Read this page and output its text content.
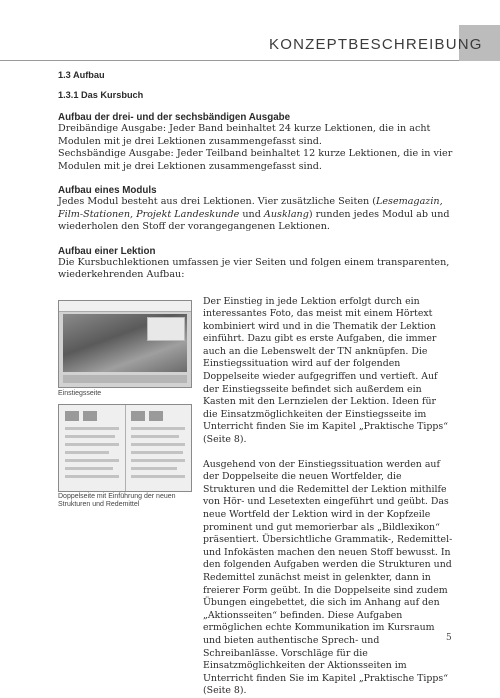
KONZEPTBESCHREIBUNG

1.3 Aufbau

1.3.1 Das Kursbuch

Aufbau der drei- und der sechsbändigen Ausgabe

Dreibändige Ausgabe: Jeder Band beinhaltet 24 kurze Lektionen, die in acht Modulen mit je drei Lektionen zusammengefasst sind.

Sechsbändige Ausgabe: Jeder Teilband beinhaltet 12 kurze Lektionen, die in vier Modulen mit je drei Lektionen zusammengefasst sind.

Aufbau eines Moduls

Jedes Modul besteht aus drei Lektionen. Vier zusätzliche Seiten (Lesemagazin, Film-Stationen, Projekt Landeskunde und Ausklang) runden jedes Modul ab und wiederholen den Stoff der vorangegangenen Lektionen.

Aufbau einer Lektion

Die Kursbuchlektionen umfassen je vier Seiten und folgen einem transparenten, wiederkehrenden Aufbau:

Einstiegsseite
Doppelseite mit Einführung der neuen Strukturen und Redemittel

Der Einstieg in jede Lektion erfolgt durch ein interessantes Foto, das meist mit einem Hörtext kombiniert wird und in die Thematik der Lektion einführt. Dazu gibt es erste Aufgaben, die immer auch an die Lebenswelt der TN anknüpfen. Die Einstiegssituation wird auf der folgenden Doppelseite wieder aufgegriffen und vertieft. Auf der Einstiegsseite befindet sich außerdem ein Kasten mit den Lernzielen der Lektion. Ideen für die Einsatzmöglichkeiten der Einstiegsseite im Unterricht finden Sie im Kapitel „Praktische Tipps“ (Seite 8).

Ausgehend von der Einstiegssituation werden auf der Doppelseite die neuen Wortfelder, die Strukturen und die Redemittel der Lektion mithilfe von Hör- und Lesetexten eingeführt und geübt. Das neue Wortfeld der Lektion wird in der Kopfzeile prominent und gut memorierbar als „Bildlexikon“ präsentiert. Übersichtliche Grammatik-, Redemittel- und Infokästen machen den neuen Stoff bewusst. In den folgenden Aufgaben werden die Strukturen und Redemittel zunächst meist in gelenkter, dann in freierer Form geübt. In die Doppelseite sind zudem Übungen eingebettet, die sich im Anhang auf den „Aktionsseiten“ befinden. Diese Aufgaben ermöglichen echte Kommunikation im Kursraum und bieten authentische Sprech- und Schreibanlässe. Vorschläge für die Einsatzmöglichkeiten der Aktionsseiten im Unterricht finden Sie im Kapitel „Praktische Tipps“ (Seite 8).

5
